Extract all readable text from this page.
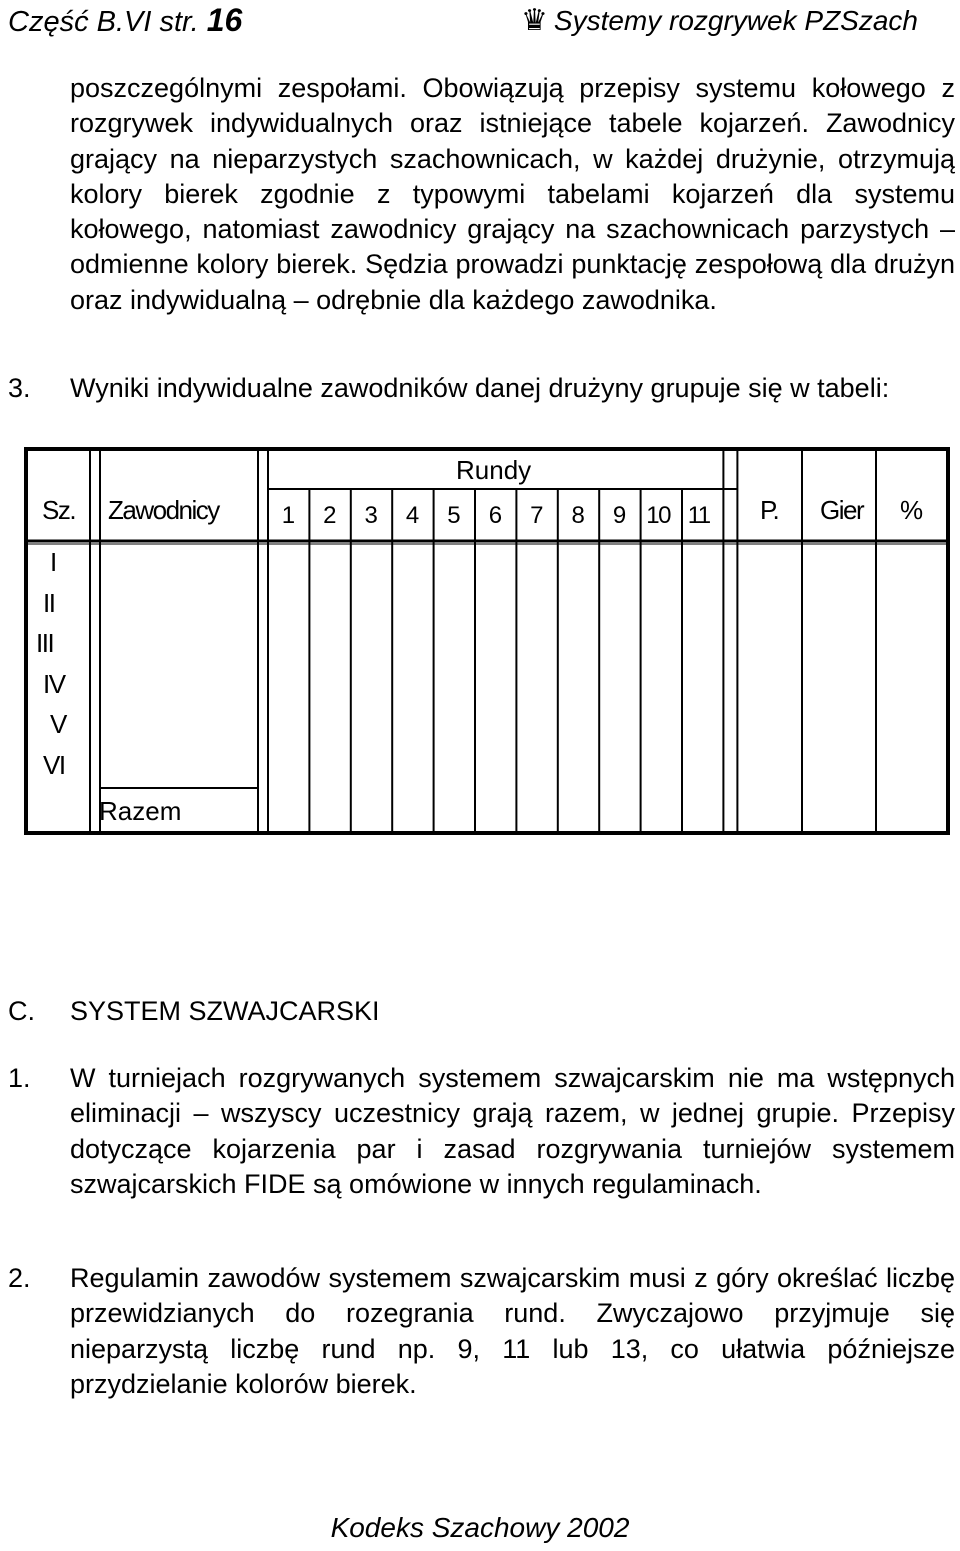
Część B.VI str. 16	♛ Systemy rozgrywek PZSzach

poszczególnymi zespołami. Obowiązują przepisy systemu kołowego z rozgrywek indywidualnych oraz istniejące tabele kojarzeń. Zawodnicy grający na nieparzystych szachownicach, w każdej drużynie, otrzymują kolory bierek zgodnie z typowymi tabelami kojarzeń dla systemu kołowego, natomiast zawodnicy grający na szachownicach parzystych – odmienne kolory bierek. Sędzia prowadzi punktację zespołową dla drużyn oraz indywidualną – odrębnie dla każdego zawodnika.

3. Wyniki indywidualne zawodników danej drużyny grupuje się w tabeli:
Rundy
Sz. Zawodnicy	P. Gier %
Razem
1 2 3 4 5 6 7 8 9 10 11
I
II
III
IV
V
VI
C. SYSTEM SZWAJCARSKI
1. W turniejach rozgrywanych systemem szwajcarskim nie ma wstępnych eliminacji – wszyscy uczestnicy grają razem, w jednej grupie. Przepisy dotyczące kojarzenia par i zasad rozgrywania turniejów systemem szwajcarskich FIDE są omówione w innych regulaminach.
2. Regulamin zawodów systemem szwajcarskim musi z góry określać liczbę przewidzianych do rozegrania rund. Zwyczajowo przyjmuje się nieparzystą liczbę rund np. 9, 11 lub 13, co ułatwia późniejsze przydzielanie kolorów bierek.
Kodeks Szachowy 2002
